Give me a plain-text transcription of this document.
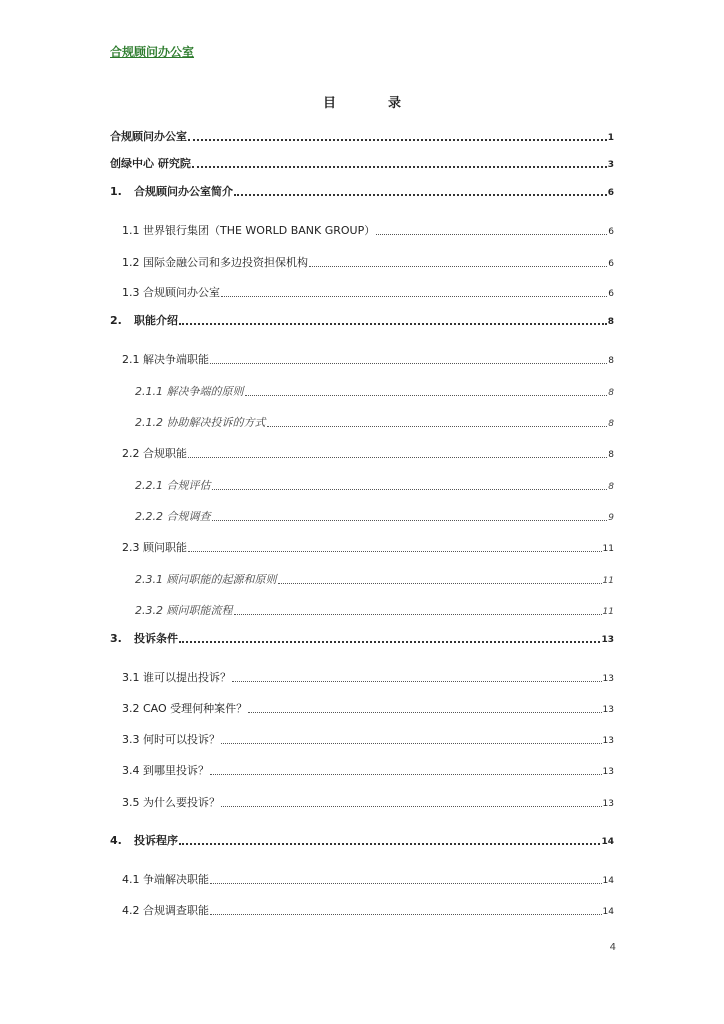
合规顾问办公室
目录
合规顾问办公室	1
创绿中心 研究院	3
1. 合规顾问办公室简介	6
1.1 世界银行集团（THE WORLD BANK GROUP）	6
1.2 国际金融公司和多边投资担保机构	6
1.3 合规顾问办公室	6
2. 职能介绍	8
2.1 解决争端职能	8
2.1.1 解决争端的原则	8
2.1.2 协助解决投诉的方式	8
2.2 合规职能	8
2.2.1 合规评估	8
2.2.2 合规调查	9
2.3 顾问职能	11
2.3.1 顾问职能的起源和原则	11
2.3.2 顾问职能流程	11
3. 投诉条件	13
3.1 谁可以提出投诉？	13
3.2 CAO 受理何种案件？	13
3.3 何时可以投诉？	13
3.4 到哪里投诉？	13
3.5 为什么要投诉？	13
4. 投诉程序	14
4.1 争端解决职能	14
4.2 合规调查职能	14
4
